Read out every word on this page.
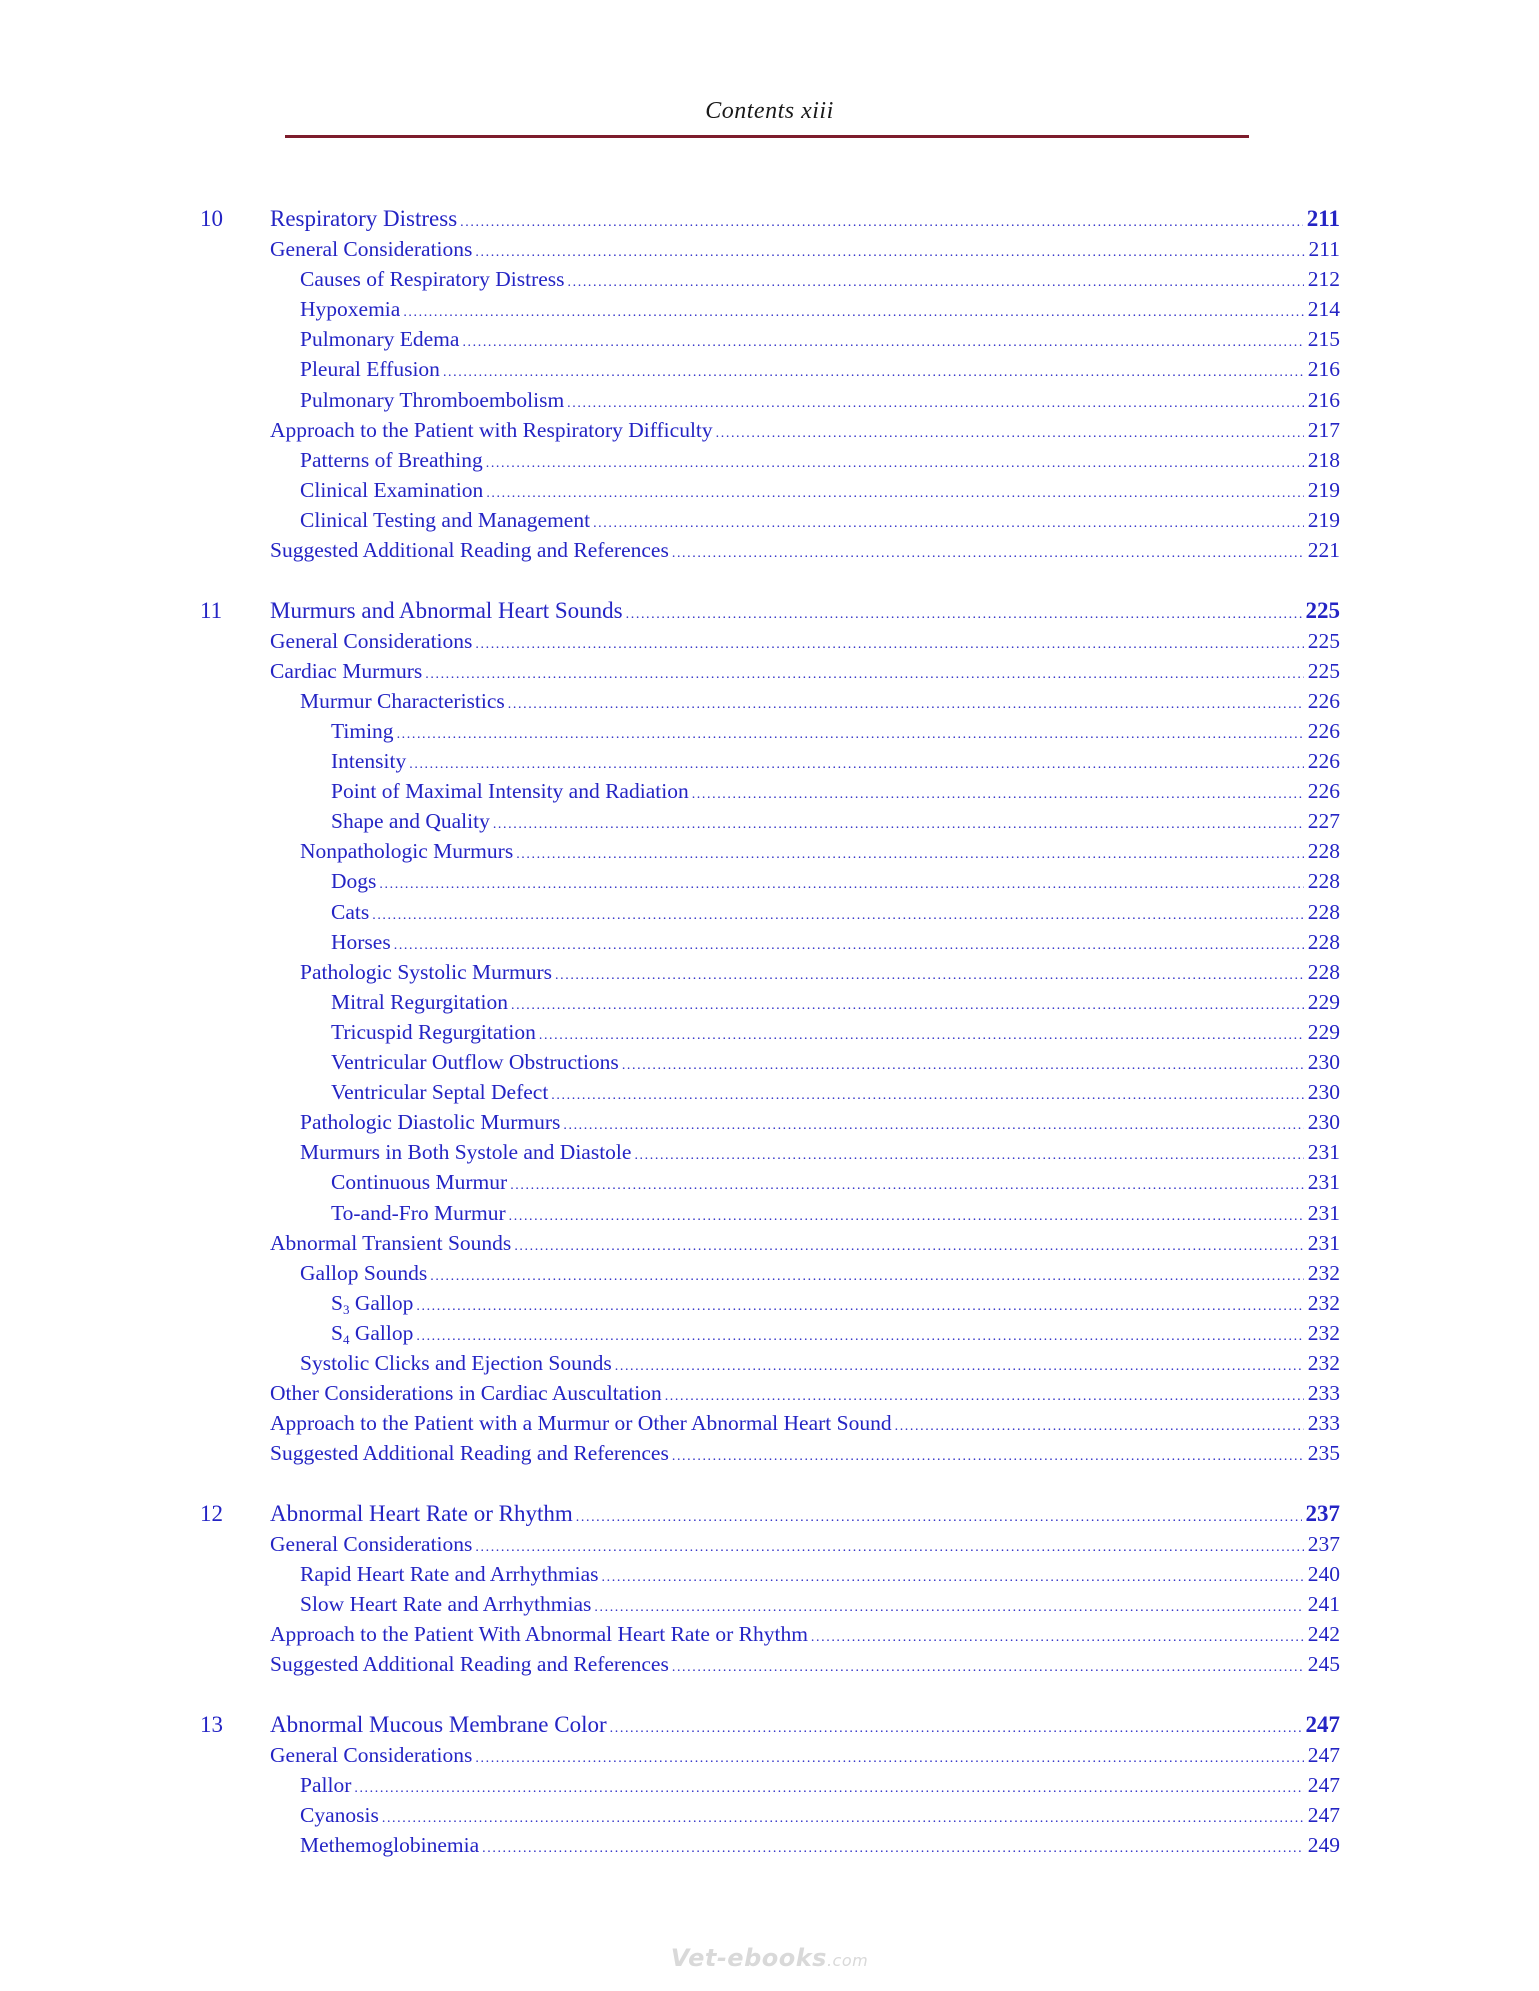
Contents xiii
10	Respiratory Distress .....	211
General Considerations .....	211
Causes of Respiratory Distress .....	212
Hypoxemia .....	214
Pulmonary Edema .....	215
Pleural Effusion .....	216
Pulmonary Thromboembolism .....	216
Approach to the Patient with Respiratory Difficulty .....	217
Patterns of Breathing .....	218
Clinical Examination .....	219
Clinical Testing and Management .....	219
Suggested Additional Reading and References .....	221
11	Murmurs and Abnormal Heart Sounds .....	225
General Considerations .....	225
Cardiac Murmurs .....	225
Murmur Characteristics .....	226
Timing .....	226
Intensity .....	226
Point of Maximal Intensity and Radiation .....	226
Shape and Quality .....	227
Nonpathologic Murmurs .....	228
Dogs .....	228
Cats .....	228
Horses .....	228
Pathologic Systolic Murmurs .....	228
Mitral Regurgitation .....	229
Tricuspid Regurgitation .....	229
Ventricular Outflow Obstructions .....	230
Ventricular Septal Defect .....	230
Pathologic Diastolic Murmurs .....	230
Murmurs in Both Systole and Diastole .....	231
Continuous Murmur .....	231
To-and-Fro Murmur .....	231
Abnormal Transient Sounds .....	231
Gallop Sounds .....	232
$S_3$ Gallop .....	232
$S_4$ Gallop .....	232
Systolic Clicks and Ejection Sounds .....	232
Other Considerations in Cardiac Auscultation .....	233
Approach to the Patient with a Murmur or Other Abnormal Heart Sound .....	233
Suggested Additional Reading and References .....	235
12	Abnormal Heart Rate or Rhythm .....	237
General Considerations .....	237
Rapid Heart Rate and Arrhythmias .....	240
Slow Heart Rate and Arrhythmias .....	241
Approach to the Patient With Abnormal Heart Rate or Rhythm .....	242
Suggested Additional Reading and References .....	245
13	Abnormal Mucous Membrane Color .....	247
General Considerations .....	247
Pallor .....	247
Cyanosis .....	247
Methemoglobinemia .....	249
Vet-ebooks.com
